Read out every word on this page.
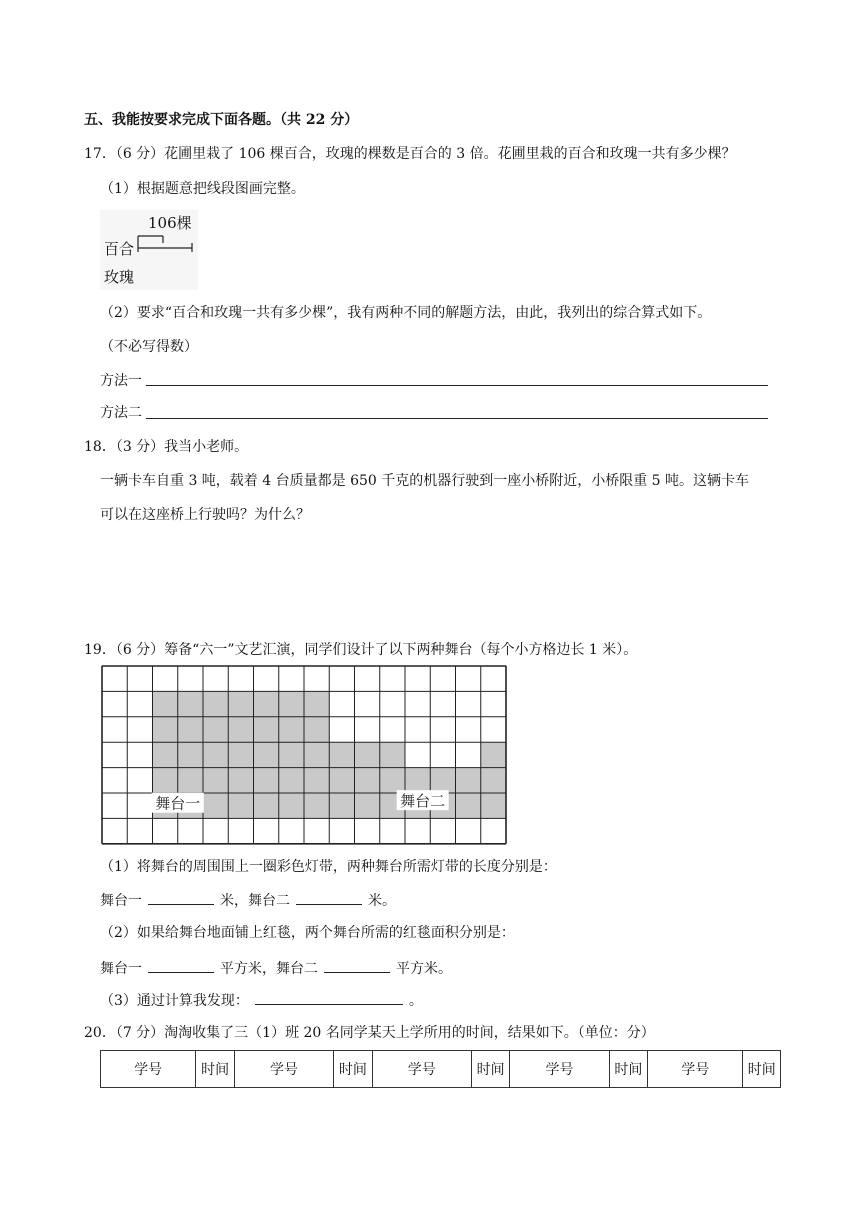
五、我能按要求完成下面各题。（共 22 分）
17．（6 分）花圃里栽了 106 棵百合，玫瑰的棵数是百合的 3 倍。花圃里栽的百合和玫瑰一共有多少棵？
（1）根据题意把线段图画完整。
106棵
百合
玫瑰
（2）要求“百合和玫瑰一共有多少棵”，我有两种不同的解题方法，由此，我列出的综合算式如下。
（不必写得数）
方法一
方法二
18．（3 分）我当小老师。
一辆卡车自重 3 吨，载着 4 台质量都是 650 千克的机器行驶到一座小桥附近，小桥限重 5 吨。这辆卡车
可以在这座桥上行驶吗？为什么？
19．（6 分）筹备“六一”文艺汇演，同学们设计了以下两种舞台（每个小方格边长 1 米）。
舞台一	舞台二
（1）将舞台的周围围上一圈彩色灯带，两种舞台所需灯带的长度分别是：
舞台一	米，舞台二	米。
（2）如果给舞台地面铺上红毯，两个舞台所需的红毯面积分别是：
舞台一	平方米，舞台二	平方米。
（3）通过计算我发现：	。
20．（7 分）淘淘收集了三（1）班 20 名同学某天上学所用的时间，结果如下。（单位：分）
学号	时间	学号	时间	学号	时间	学号	时间	学号	时间
